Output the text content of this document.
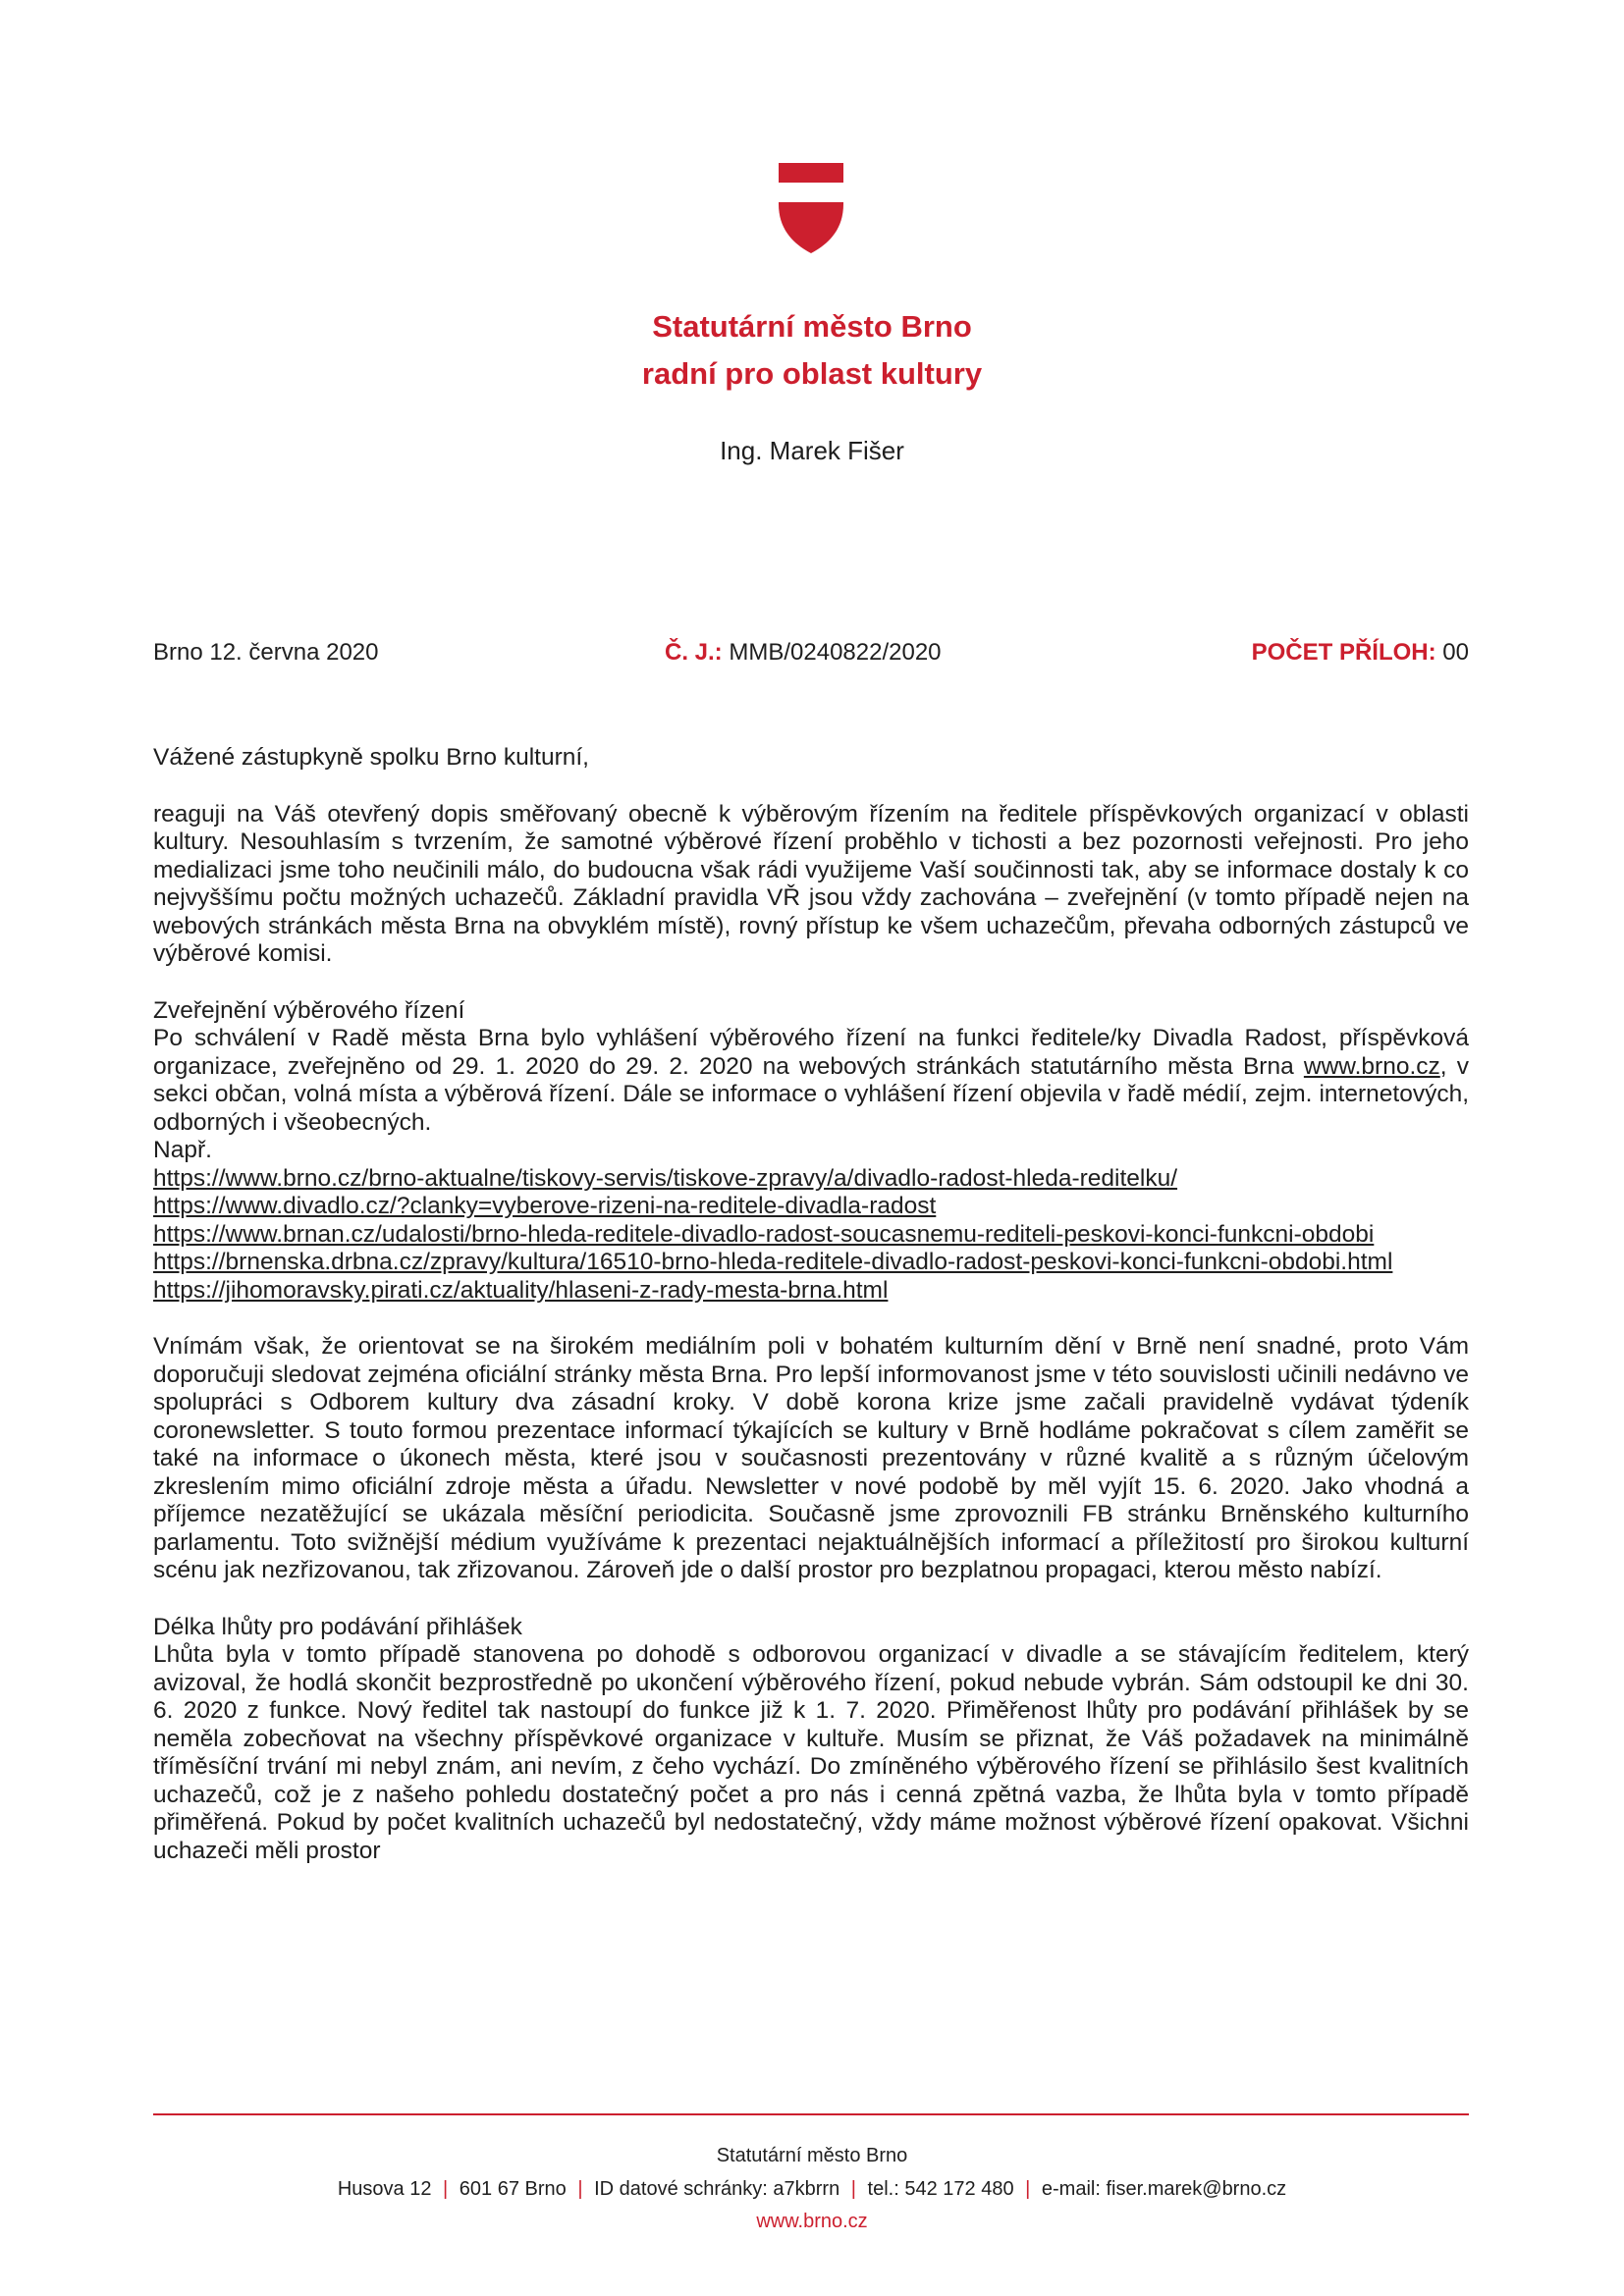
Statutární město Brno
radní pro oblast kultury

Ing. Marek Fišer

Brno 12. června 2020	Č. J.: MMB/0240822/2020	POČET PŘÍLOH: 00

Vážené zástupkyně spolku Brno kulturní,

reaguji na Váš otevřený dopis směřovaný obecně k výběrovým řízením na ředitele příspěvkových organizací v oblasti kultury. Nesouhlasím s tvrzením, že samotné výběrové řízení proběhlo v tichosti a bez pozornosti veřejnosti. Pro jeho medializaci jsme toho neučinili málo, do budoucna však rádi využijeme Vaší součinnosti tak, aby se informace dostaly k co nejvyššímu počtu možných uchazečů. Základní pravidla VŘ jsou vždy zachována – zveřejnění (v tomto případě nejen na webových stránkách města Brna na obvyklém místě), rovný přístup ke všem uchazečům, převaha odborných zástupců ve výběrové komisi.

Zveřejnění výběrového řízení

Po schválení v Radě města Brna bylo vyhlášení výběrového řízení na funkci ředitele/ky Divadla Radost, příspěvková organizace, zveřejněno od 29. 1. 2020 do 29. 2. 2020 na webových stránkách statutárního města Brna www.brno.cz, v sekci občan, volná místa a výběrová řízení. Dále se informace o vyhlášení řízení objevila v řadě médií, zejm. internetových, odborných i všeobecných.

Např.

https://www.brno.cz/brno-aktualne/tiskovy-servis/tiskove-zpravy/a/divadlo-radost-hleda-reditelku/

https://www.divadlo.cz/?clanky=vyberove-rizeni-na-reditele-divadla-radost

https://www.brnan.cz/udalosti/brno-hleda-reditele-divadlo-radost-soucasnemu-rediteli-peskovi-konci-funkcni-obdobi

https://brnenska.drbna.cz/zpravy/kultura/16510-brno-hleda-reditele-divadlo-radost-peskovi-konci-funkcni-obdobi.html

https://jihomoravsky.pirati.cz/aktuality/hlaseni-z-rady-mesta-brna.html

Vnímám však, že orientovat se na širokém mediálním poli v bohatém kulturním dění v Brně není snadné, proto Vám doporučuji sledovat zejména oficiální stránky města Brna. Pro lepší informovanost jsme v této souvislosti učinili nedávno ve spolupráci s Odborem kultury dva zásadní kroky. V době korona krize jsme začali pravidelně vydávat týdeník coronewsletter. S touto formou prezentace informací týkajících se kultury v Brně hodláme pokračovat s cílem zaměřit se také na informace o úkonech města, které jsou v současnosti prezentovány v různé kvalitě a s různým účelovým zkreslením mimo oficiální zdroje města a úřadu. Newsletter v nové podobě by měl vyjít 15. 6. 2020. Jako vhodná a příjemce nezatěžující se ukázala měsíční periodicita. Současně jsme zprovoznili FB stránku Brněnského kulturního parlamentu. Toto svižnější médium využíváme k prezentaci nejaktuálnějších informací a příležitostí pro širokou kulturní scénu jak nezřizovanou, tak zřizovanou. Zároveň jde o další prostor pro bezplatnou propagaci, kterou město nabízí.

Délka lhůty pro podávání přihlášek

Lhůta byla v tomto případě stanovena po dohodě s odborovou organizací v divadle a se stávajícím ředitelem, který avizoval, že hodlá skončit bezprostředně po ukončení výběrového řízení, pokud nebude vybrán. Sám odstoupil ke dni 30. 6. 2020 z funkce. Nový ředitel tak nastoupí do funkce již k 1. 7. 2020. Přiměřenost lhůty pro podávání přihlášek by se neměla zobecňovat na všechny příspěvkové organizace v kultuře. Musím se přiznat, že Váš požadavek na minimálně tříměsíční trvání mi nebyl znám, ani nevím, z čeho vychází. Do zmíněného výběrového řízení se přihlásilo šest kvalitních uchazečů, což je z našeho pohledu dostatečný počet a pro nás i cenná zpětná vazba, že lhůta byla v tomto případě přiměřená. Pokud by počet kvalitních uchazečů byl nedostatečný, vždy máme možnost výběrové řízení opakovat. Všichni uchazeči měli prostor

Statutární město Brno
Husova 12 | 601 67 Brno | ID datové schránky: a7kbrrn | tel.: 542 172 480 | e-mail: fiser.marek@brno.cz
www.brno.cz
